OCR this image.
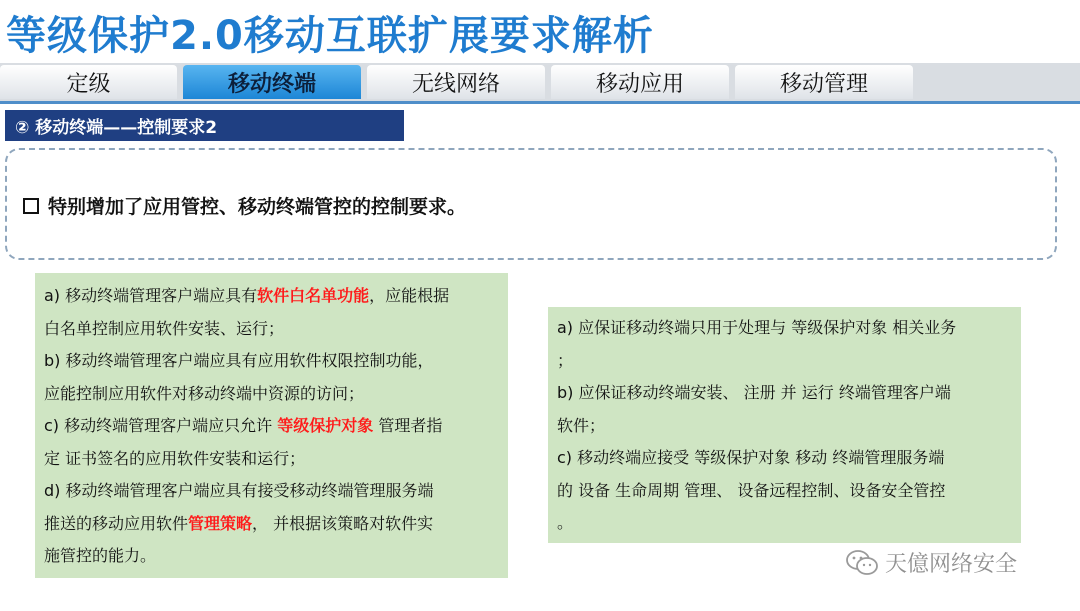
等级保护2.0移动互联扩展要求解析
定级	移动终端	无线网络	移动应用	移动管理
② 移动终端——控制要求2
特别增加了应用管控、移动终端管控的控制要求。
a) 移动终端管理客户端应具有软件白名单功能，应能根据
白名单控制应用软件安装、运行；
b) 移动终端管理客户端应具有应用软件权限控制功能，
应能控制应用软件对移动终端中资源的访问；
c) 移动终端管理客户端应只允许 等级保护对象 管理者指
定 证书签名的应用软件安装和运行；
d) 移动终端管理客户端应具有接受移动终端管理服务端
推送的移动应用软件管理策略， 并根据该策略对软件实
施管控的能力。
a) 应保证移动终端只用于处理与 等级保护对象 相关业务
；
b) 应保证移动终端安装、 注册 并 运行 终端管理客户端
软件；
c) 移动终端应接受 等级保护对象 移动 终端管理服务端
的 设备 生命周期 管理、 设备远程控制、设备安全管控
。
天億网络安全
